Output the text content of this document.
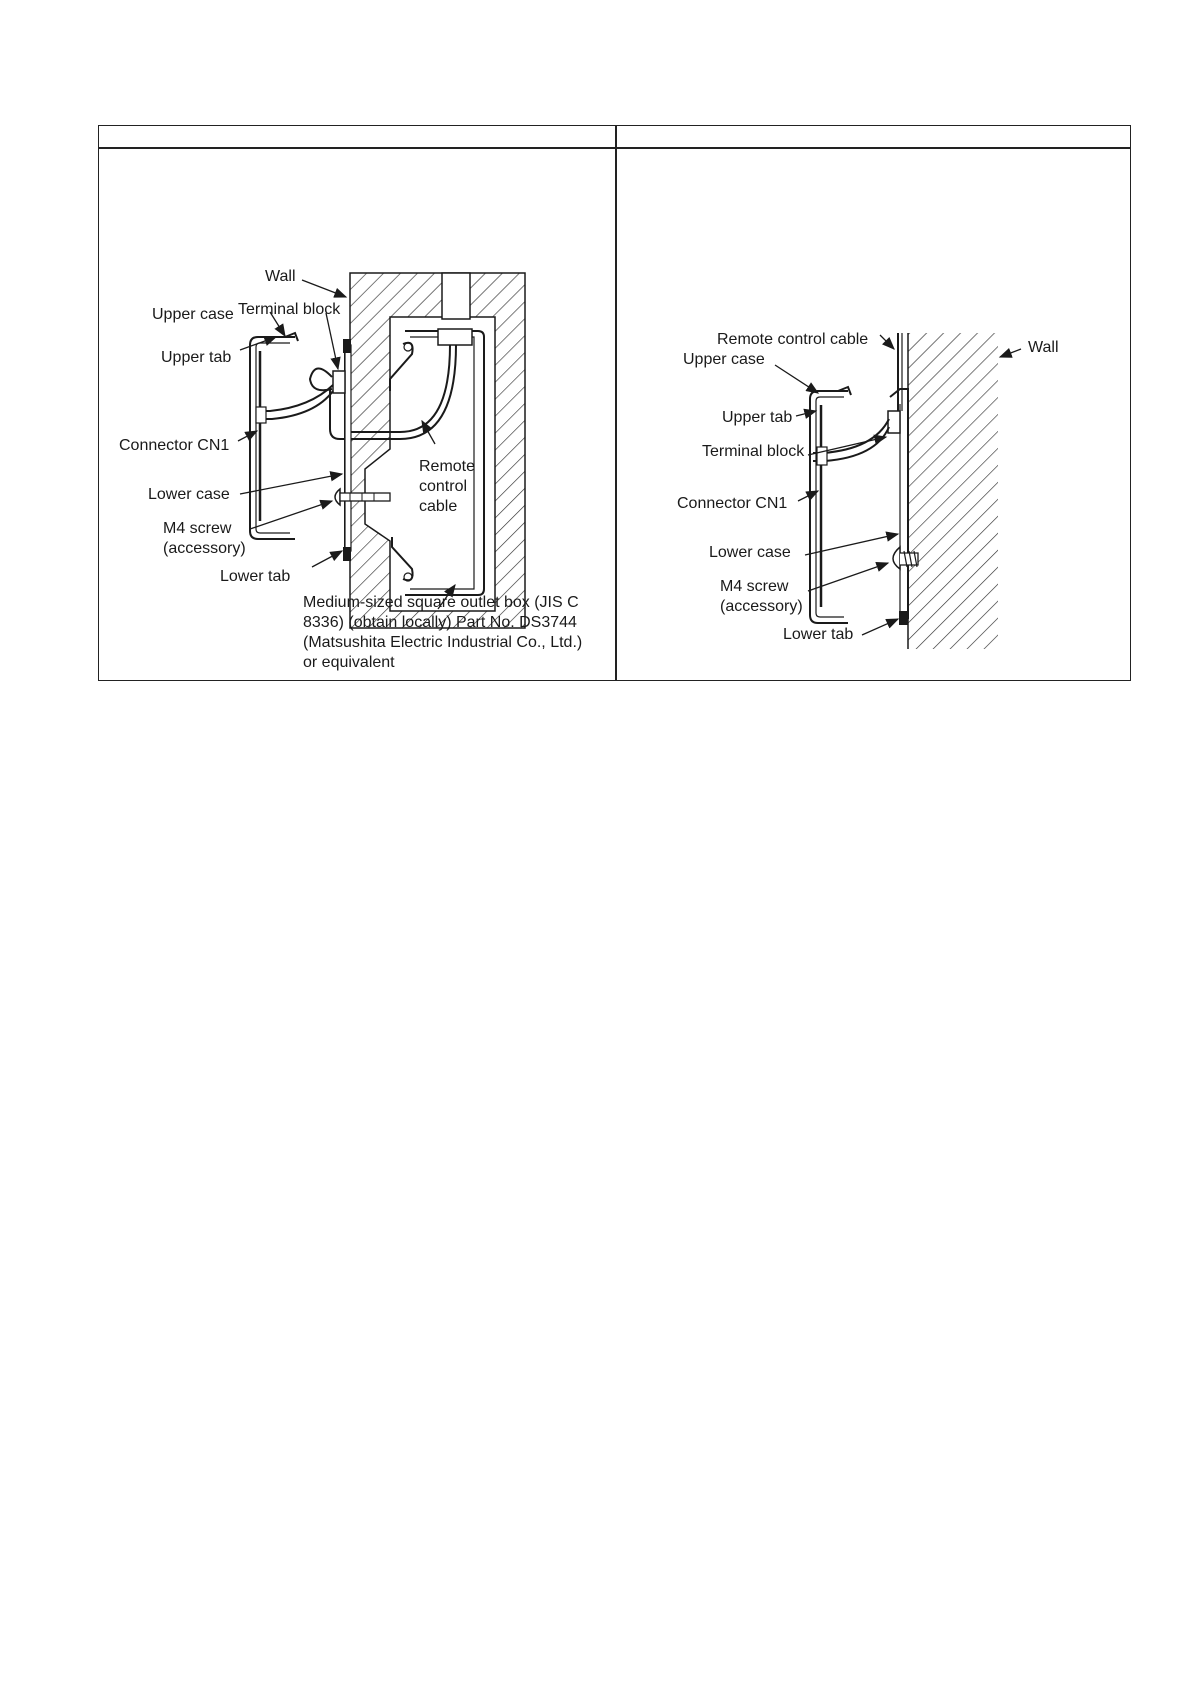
Wall
Upper case Terminal block
Upper tab
Connector CN1
Lower case
M4 screw
(accessory)
Lower tab
Remote
control
cable
Medium-sized square outlet box (JIS C
8336) (obtain locally) Part No. DS3744
(Matsushita Electric Industrial Co., Ltd.)
or equivalent
Remote control cable	Wall
Upper case
Upper tab
Terminal block
Connector CN1
Lower case
M4 screw
(accessory)
Lower tab
